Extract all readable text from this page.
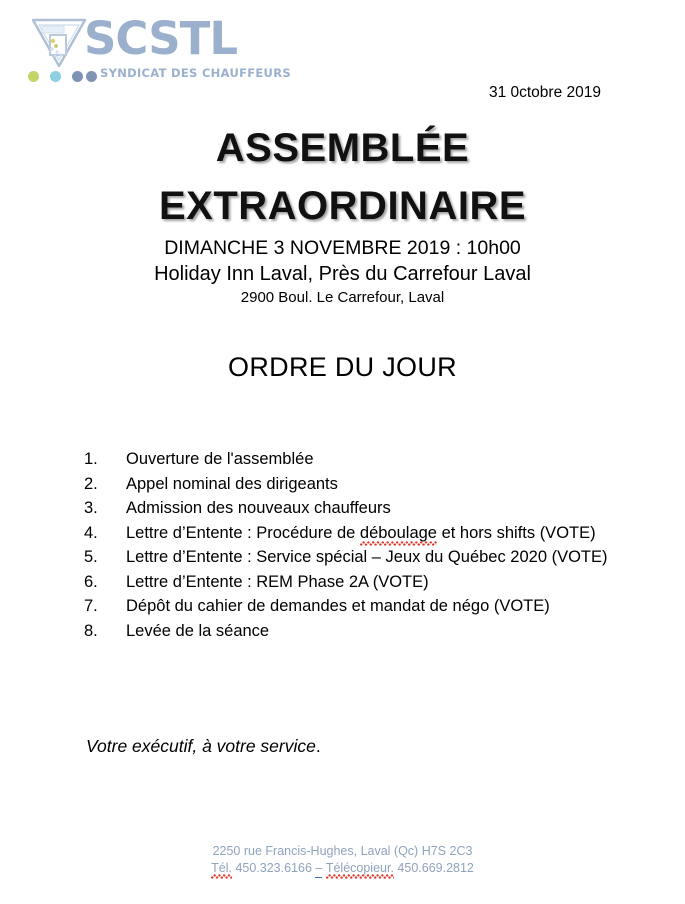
SCSTL
SYNDICAT DES CHAUFFEURS
31 0ctobre 2019
ASSEMBLÉE
EXTRAORDINAIRE
DIMANCHE 3 NOVEMBRE 2019 : 10h00
Holiday Inn Laval, Près du Carrefour Laval
2900 Boul. Le Carrefour, Laval
ORDRE DU JOUR
1.	Ouverture de l'assemblée
2.	Appel nominal des dirigeants
3.	Admission des nouveaux chauffeurs
4.	Lettre d’Entente : Procédure de déboulage et hors shifts (VOTE)
5.	Lettre d’Entente : Service spécial – Jeux du Québec 2020 (VOTE)
6.	Lettre d’Entente : REM Phase 2A (VOTE)
7.	Dépôt du cahier de demandes et mandat de négo (VOTE)
8.	Levée de la séance
Votre exécutif, à votre service.
2250 rue Francis-Hughes, Laval (Qc) H7S 2C3
Tél. 450.323.6166 – Télécopieur. 450.669.2812
